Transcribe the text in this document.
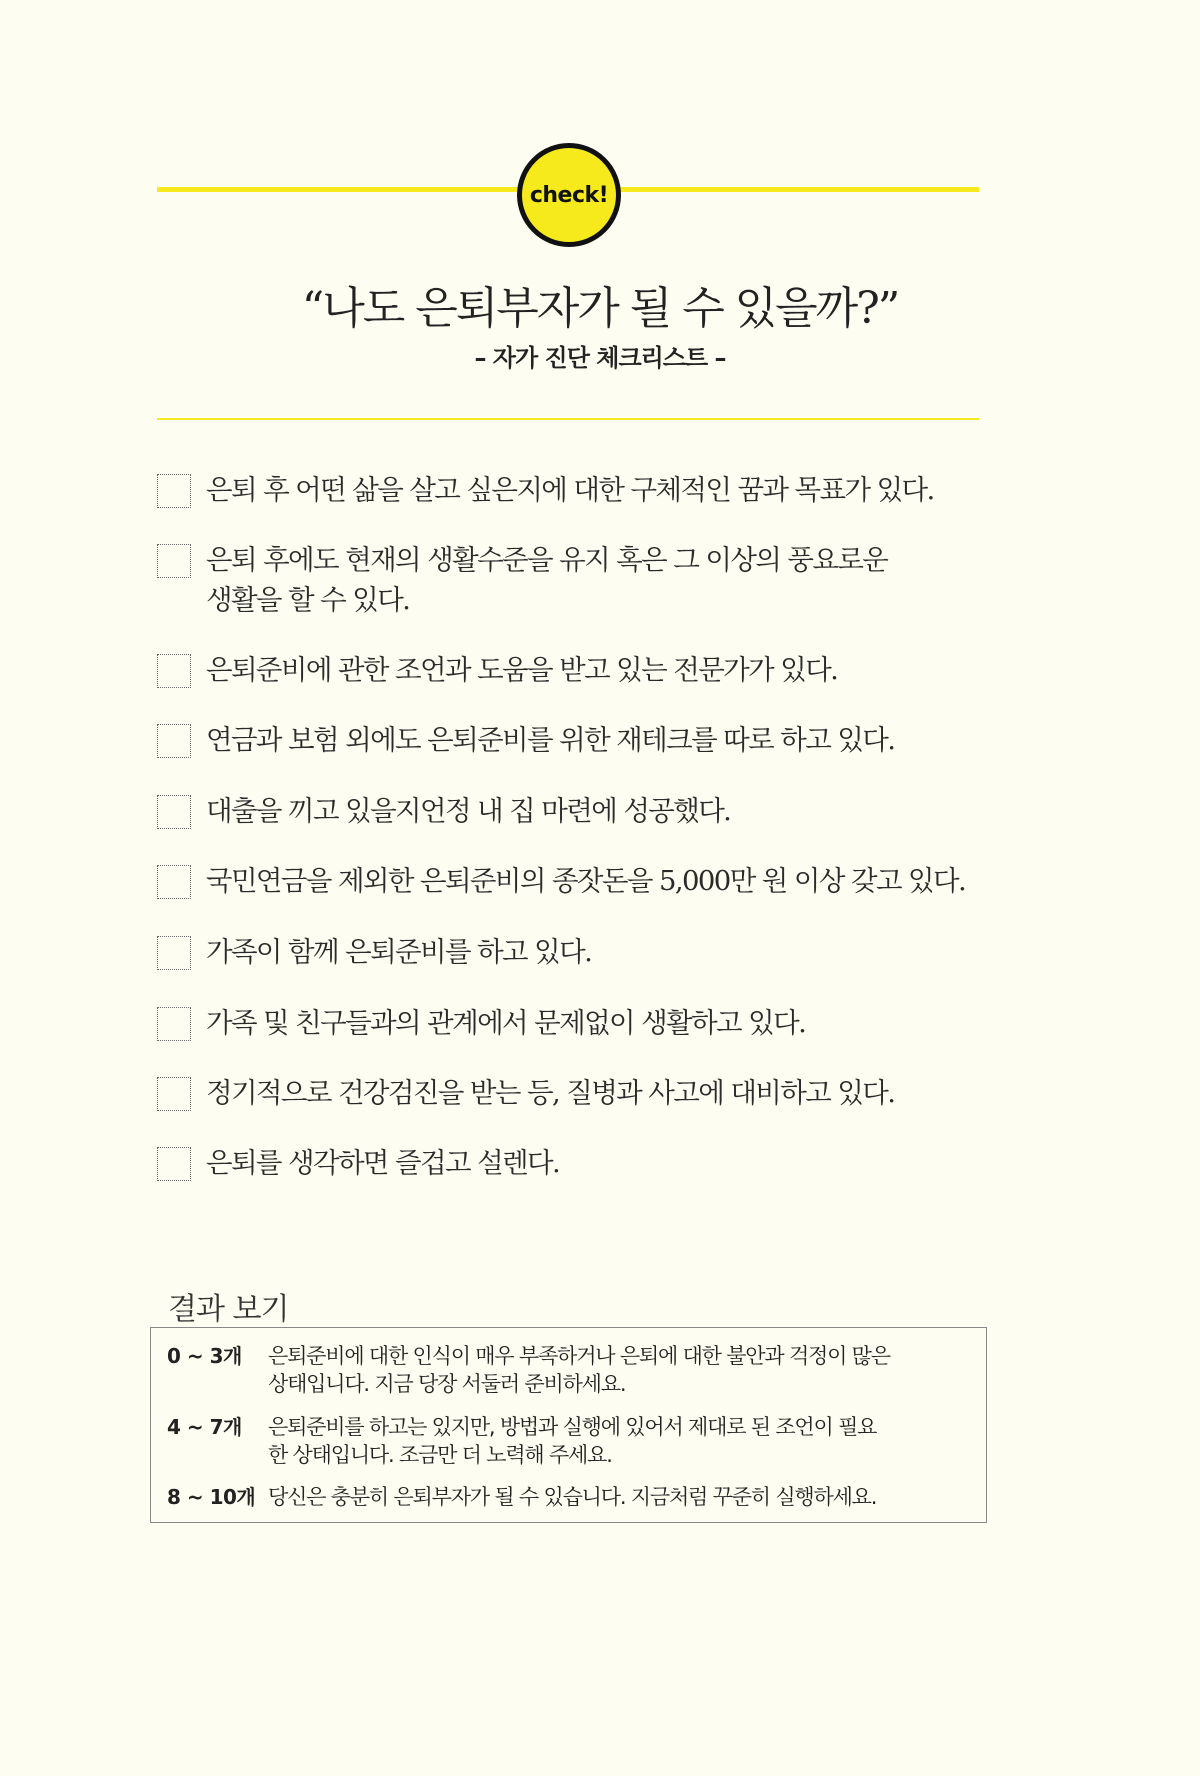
check!
“나도 은퇴부자가 될 수 있을까?”
– 자가 진단 체크리스트 –
은퇴 후 어떤 삶을 살고 싶은지에 대한 구체적인 꿈과 목표가 있다.
은퇴 후에도 현재의 생활수준을 유지 혹은 그 이상의 풍요로운
생활을 할 수 있다.
은퇴준비에 관한 조언과 도움을 받고 있는 전문가가 있다.
연금과 보험 외에도 은퇴준비를 위한 재테크를 따로 하고 있다.
대출을 끼고 있을지언정 내 집 마련에 성공했다.
국민연금을 제외한 은퇴준비의 종잣돈을 5,000만 원 이상 갖고 있다.
가족이 함께 은퇴준비를 하고 있다.
가족 및 친구들과의 관계에서 문제없이 생활하고 있다.
정기적으로 건강검진을 받는 등, 질병과 사고에 대비하고 있다.
은퇴를 생각하면 즐겁고 설렌다.
결과 보기
0 ~ 3개 은퇴준비에 대한 인식이 매우 부족하거나 은퇴에 대한 불안과 걱정이 많은
상태입니다. 지금 당장 서둘러 준비하세요.
4 ~ 7개 은퇴준비를 하고는 있지만, 방법과 실행에 있어서 제대로 된 조언이 필요
한 상태입니다. 조금만 더 노력해 주세요.
8 ~ 10개 당신은 충분히 은퇴부자가 될 수 있습니다. 지금처럼 꾸준히 실행하세요.
